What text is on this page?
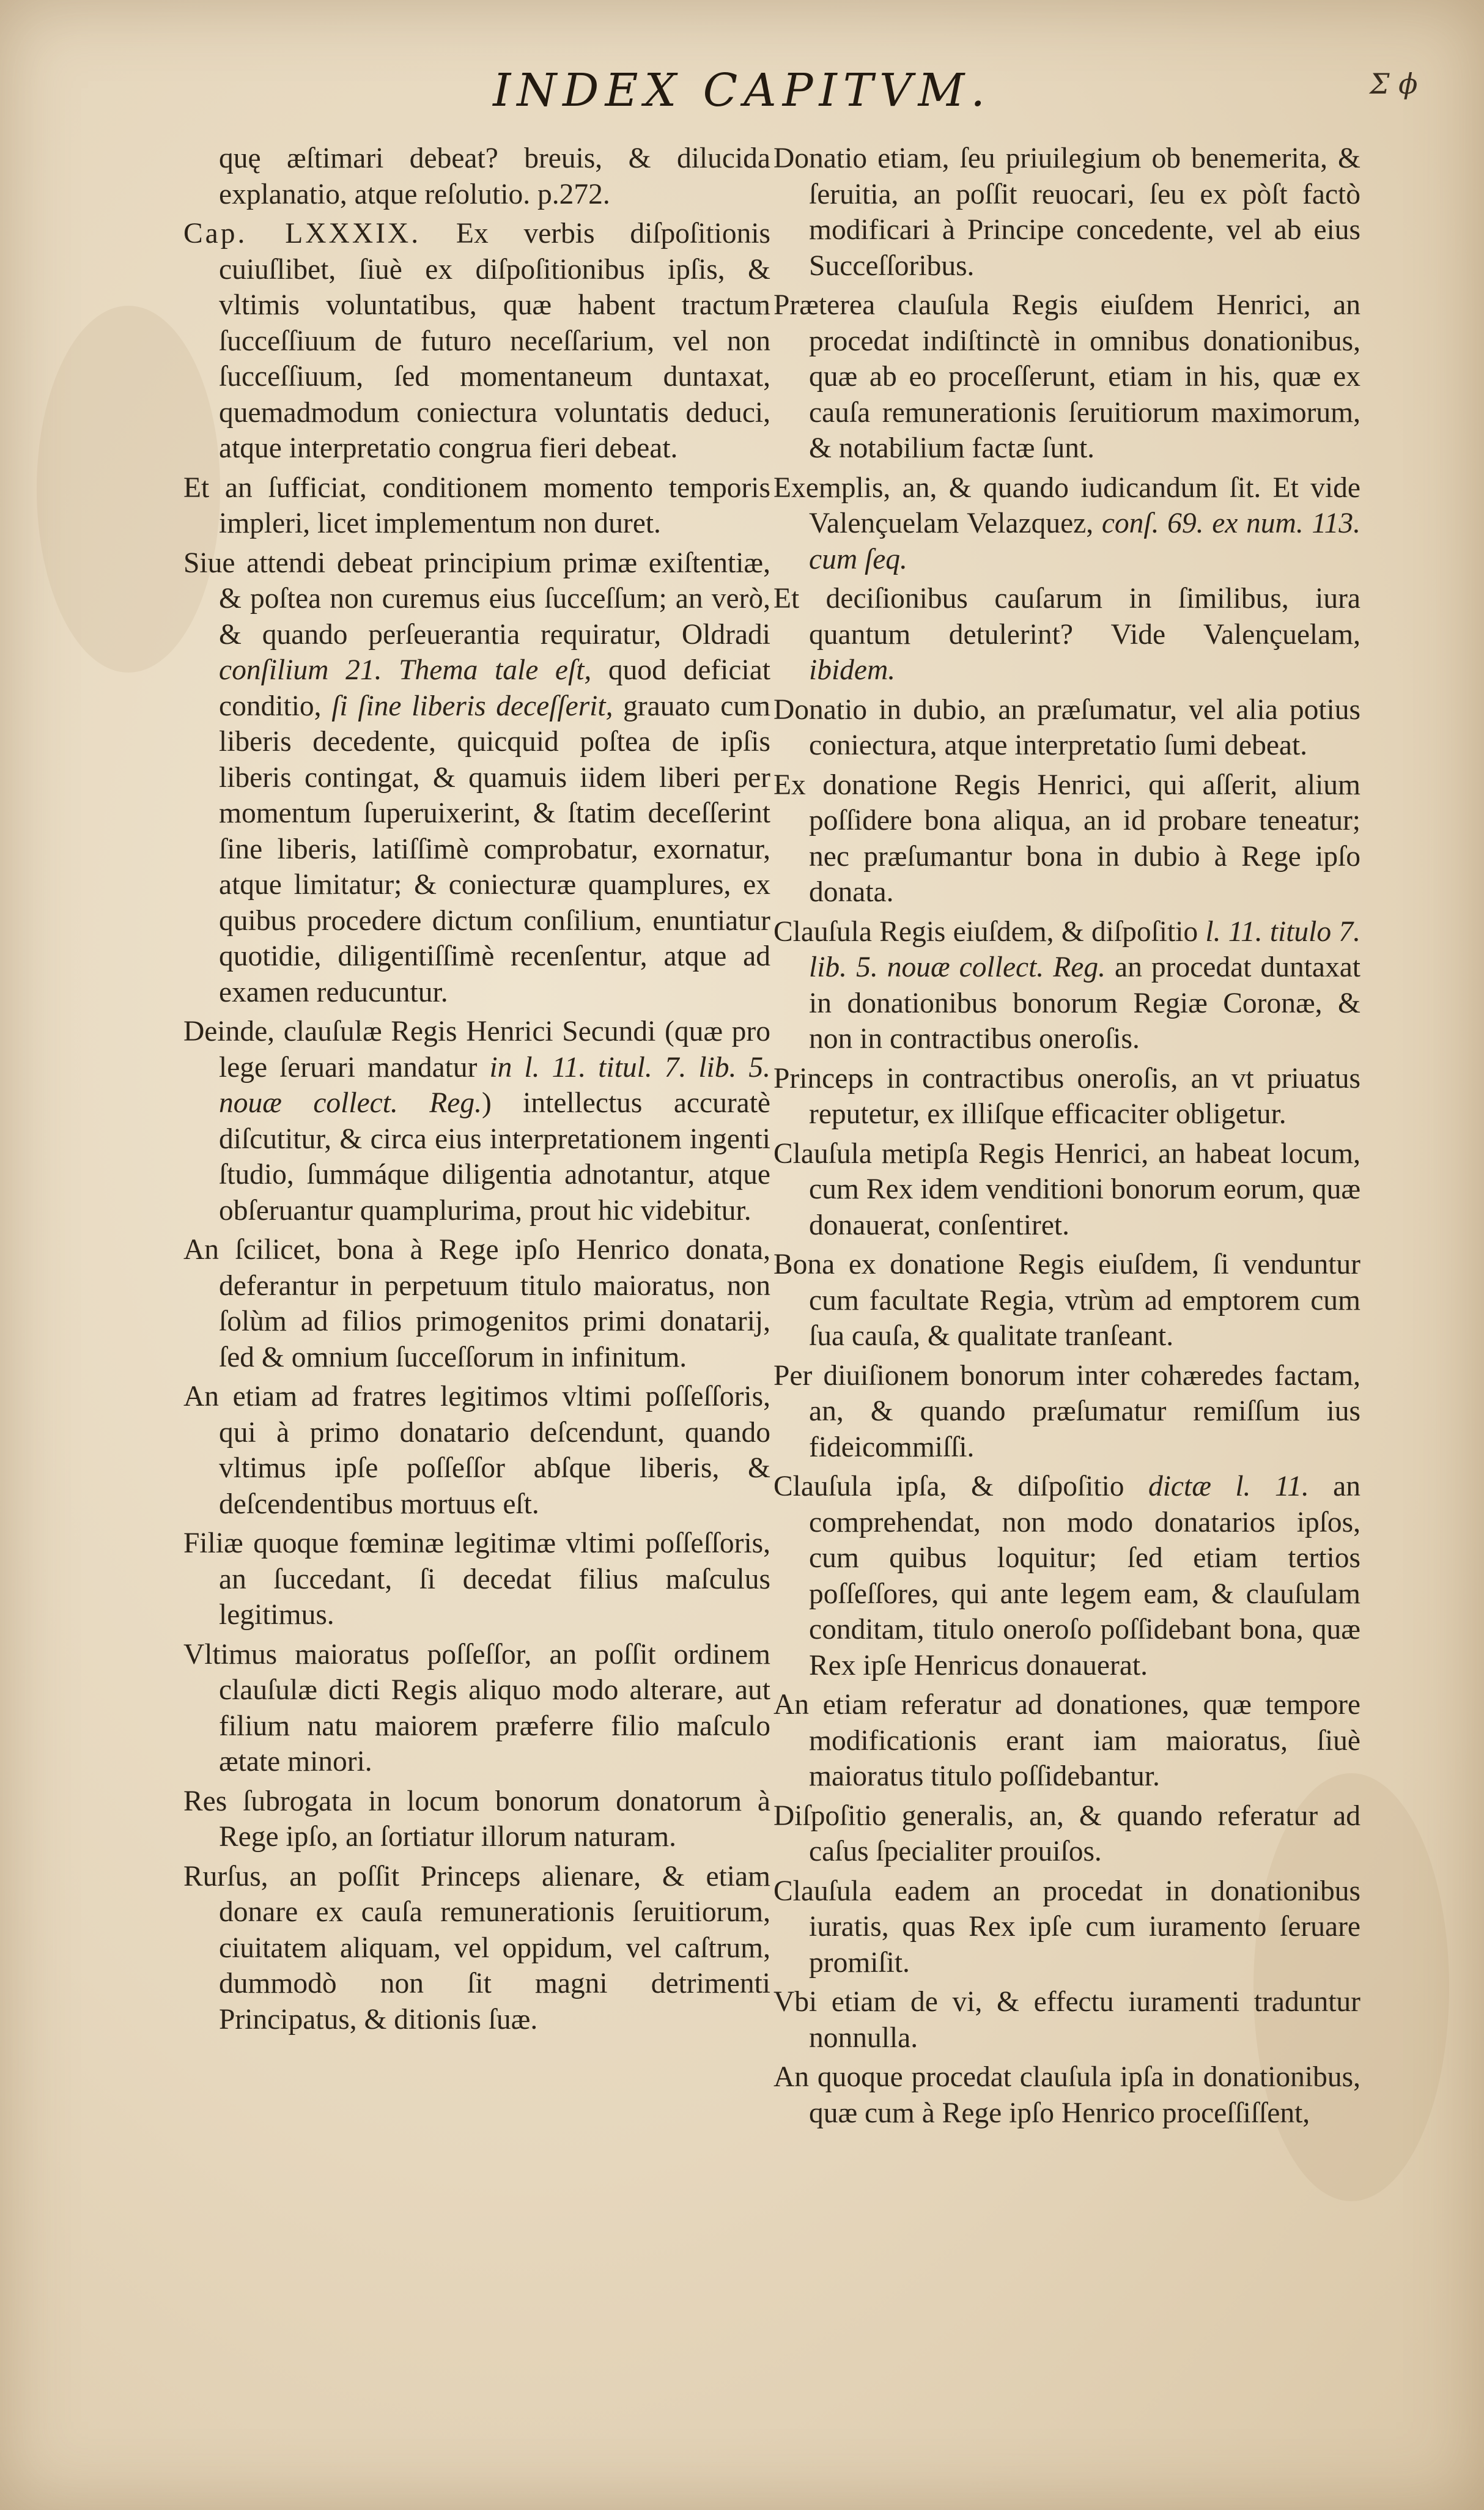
INDEX CAPITVM.	Σ ϕ

quę æſtimari debeat? breuis, & dilucida explanatio, atque reſolutio. p.272.

Cap. LXXXIX. Ex verbis diſpoſitionis cuiuſlibet, ſiuè ex diſpoſitionibus ipſis, & vltimis voluntatibus, quæ habent tractum ſucceſſiuum de futuro neceſſarium, vel non ſucceſſiuum, ſed momentaneum duntaxat, quemadmodum coniectura voluntatis deduci, atque interpretatio congrua fieri debeat.

Et an ſufficiat, conditionem momento temporis impleri, licet implementum non duret.

Siue attendi debeat principium primæ exiſtentiæ, & poſtea non curemus eius ſucceſſum; an verò, & quando perſeuerantia requiratur, Oldradi conſilium 21. Thema tale eſt, quod deficiat conditio, ſi ſine liberis deceſſerit, grauato cum liberis decedente, quicquid poſtea de ipſis liberis contingat, & quamuis iidem liberi per momentum ſuperuixerint, & ſtatim deceſſerint ſine liberis, latiſſimè comprobatur, exornatur, atque limitatur; & coniecturæ quamplures, ex quibus procedere dictum conſilium, enuntiatur quotidie, diligentiſſimè recenſentur, atque ad examen reducuntur.

Deinde, clauſulæ Regis Henrici Secundi (quæ pro lege ſeruari mandatur in l. 11. titul. 7. lib. 5. nouæ collect. Reg.) intellectus accuratè diſcutitur, & circa eius interpretationem ingenti ſtudio, ſummáque diligentia adnotantur, atque obſeruantur quamplurima, prout hic videbitur.

An ſcilicet, bona à Rege ipſo Henrico donata, deferantur in perpetuum titulo maioratus, non ſolùm ad filios primogenitos primi donatarij, ſed & omnium ſucceſſorum in infinitum.

An etiam ad fratres legitimos vltimi poſſeſſoris, qui à primo donatario deſcendunt, quando vltimus ipſe poſſeſſor abſque liberis, & deſcendentibus mortuus eſt.

Filiæ quoque fœminæ legitimæ vltimi poſſeſſoris, an ſuccedant, ſi decedat filius maſculus legitimus.

Vltimus maioratus poſſeſſor, an poſſit ordinem clauſulæ dicti Regis aliquo modo alterare, aut filium natu maiorem præferre filio maſculo ætate minori.

Res ſubrogata in locum bonorum donatorum à Rege ipſo, an ſortiatur illorum naturam.

Rurſus, an poſſit Princeps alienare, & etiam donare ex cauſa remunerationis ſeruitiorum, ciuitatem aliquam, vel oppidum, vel caſtrum, dummodò non ſit magni detrimenti Principatus, & ditionis ſuæ.

Donatio etiam, ſeu priuilegium ob benemerita, & ſeruitia, an poſſit reuocari, ſeu ex pòſt factò modificari à Principe concedente, vel ab eius Succeſſoribus.

Præterea clauſula Regis eiuſdem Henrici, an procedat indiſtinctè in omnibus donationibus, quæ ab eo proceſſerunt, etiam in his, quæ ex cauſa remunerationis ſeruitiorum maximorum, & notabilium factæ ſunt.

Exemplis, an, & quando iudicandum ſit. Et vide Valençuelam Velazquez, conſ. 69. ex num. 113. cum ſeq.

Et deciſionibus cauſarum in ſimilibus, iura quantum detulerint? Vide Valençuelam, ibidem.

Donatio in dubio, an præſumatur, vel alia potius coniectura, atque interpretatio ſumi debeat.

Ex donatione Regis Henrici, qui aſſerit, alium poſſidere bona aliqua, an id probare teneatur; nec præſumantur bona in dubio à Rege ipſo donata.

Clauſula Regis eiuſdem, & diſpoſitio l. 11. titulo 7. lib. 5. nouæ collect. Reg. an procedat duntaxat in donationibus bonorum Regiæ Coronæ, & non in contractibus oneroſis.

Princeps in contractibus oneroſis, an vt priuatus reputetur, ex illiſque efficaciter obligetur.

Clauſula metipſa Regis Henrici, an habeat locum, cum Rex idem venditioni bonorum eorum, quæ donauerat, conſentiret.

Bona ex donatione Regis eiuſdem, ſi venduntur cum facultate Regia, vtrùm ad emptorem cum ſua cauſa, & qualitate tranſeant.

Per diuiſionem bonorum inter cohæredes factam, an, & quando præſumatur remiſſum ius fideicommiſſi.

Clauſula ipſa, & diſpoſitio dictæ l. 11. an comprehendat, non modo donatarios ipſos, cum quibus loquitur; ſed etiam tertios poſſeſſores, qui ante legem eam, & clauſulam conditam, titulo oneroſo poſſidebant bona, quæ Rex ipſe Henricus donauerat.

An etiam referatur ad donationes, quæ tempore modificationis erant iam maioratus, ſiuè maioratus titulo poſſidebantur.

Diſpoſitio generalis, an, & quando referatur ad caſus ſpecialiter prouiſos.

Clauſula eadem an procedat in donationibus iuratis, quas Rex ipſe cum iuramento ſeruare promiſit.

Vbi etiam de vi, & effectu iuramenti traduntur nonnulla.

An quoque procedat clauſula ipſa in donationibus, quæ cum à Rege ipſo Henrico proceſſiſſent,
